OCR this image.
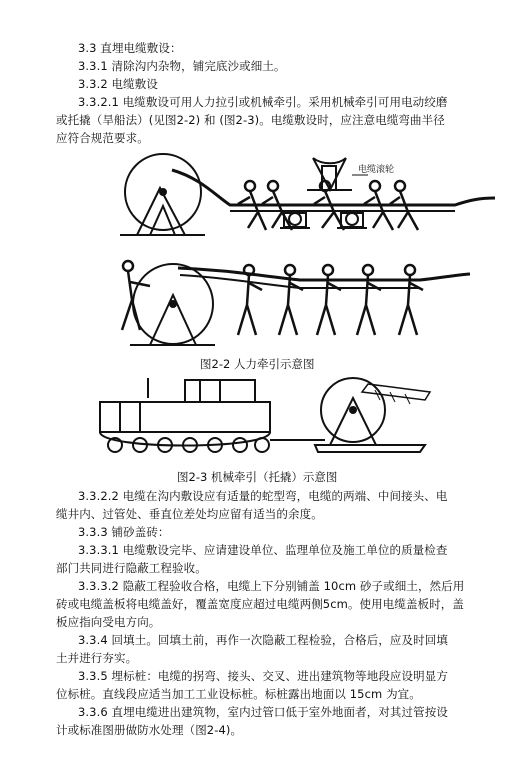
3.3 直埋电缆敷设：
3.3.1 清除沟内杂物，铺完底沙或细土。
3.3.2 电缆敷设
3.3.2.1 电缆敷设可用人力拉引或机械牵引。采用机械牵引可用电动绞磨
或托撬（旱船法）(见图2-2) 和 (图2-3)。电缆敷设时，应注意电缆弯曲半径
应符合规范要求。
电缆滚轮
图2-2 人力牵引示意图
图2-3 机械牵引（托撬）示意图
3.3.2.2 电缆在沟内敷设应有适量的蛇型弯，电缆的两端、中间接头、电
缆井内、过管处、垂直位差处均应留有适当的余度。
3.3.3 铺砂盖砖：
3.3.3.1 电缆敷设完毕、应请建设单位、监理单位及施工单位的质量检查
部门共同进行隐蔽工程验收。
3.3.3.2 隐蔽工程验收合格，电缆上下分别铺盖 10cm 砂子或细土，然后用
砖或电缆盖板将电缆盖好，覆盖宽度应超过电缆两侧5cm。使用电缆盖板时，盖
板应指向受电方向。
3.3.4 回填土。回填土前，再作一次隐蔽工程检验，合格后，应及时回填
土并进行夯实。
3.3.5 埋标桩：电缆的拐弯、接头、交叉、进出建筑物等地段应设明显方
位标桩。直线段应适当加工工业设标桩。标桩露出地面以 15cm 为宜。
3.3.6 直埋电缆进出建筑物，室内过管口低于室外地面者，对其过管按设
计或标准图册做防水处理（图2-4)。
